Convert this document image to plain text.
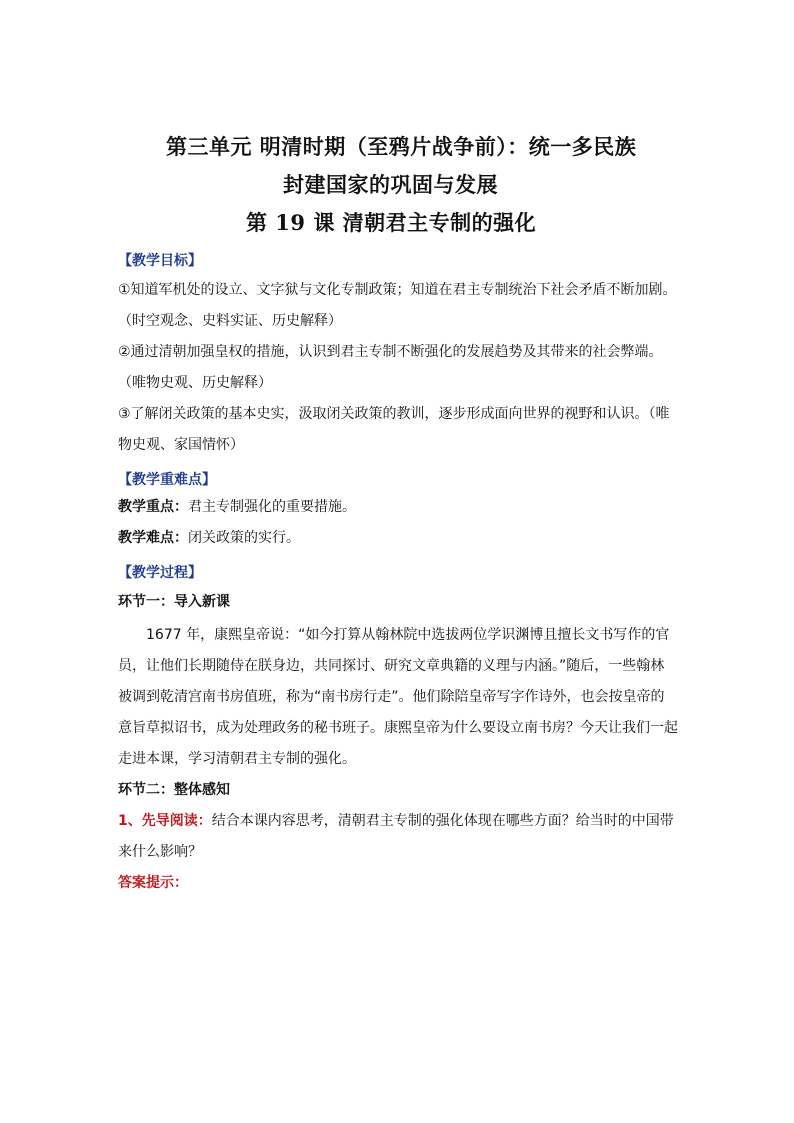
第三单元 明清时期（至鸦片战争前）：统一多民族
封建国家的巩固与发展
第 19 课 清朝君主专制的强化
【教学目标】
①知道军机处的设立、文字狱与文化专制政策；知道在君主专制统治下社会矛盾不断加剧。
（时空观念、史料实证、历史解释）
②通过清朝加强皇权的措施，认识到君主专制不断强化的发展趋势及其带来的社会弊端。
（唯物史观、历史解释）
③了解闭关政策的基本史实，汲取闭关政策的教训，逐步形成面向世界的视野和认识。（唯
物史观、家国情怀）
【教学重难点】
教学重点：君主专制强化的重要措施。
教学难点：闭关政策的实行。
【教学过程】
环节一：导入新课
1677 年，康熙皇帝说：“如今打算从翰林院中选拔两位学识渊博且擅长文书写作的官
员，让他们长期随侍在朕身边，共同探讨、研究文章典籍的义理与内涵。”随后，一些翰林
被调到乾清宫南书房值班，称为“南书房行走”。他们除陪皇帝写字作诗外，也会按皇帝的
意旨草拟诏书，成为处理政务的秘书班子。康熙皇帝为什么要设立南书房？今天让我们一起
走进本课，学习清朝君主专制的强化。
环节二：整体感知
1、先导阅读：结合本课内容思考，清朝君主专制的强化体现在哪些方面？给当时的中国带
来什么影响？
答案提示：
